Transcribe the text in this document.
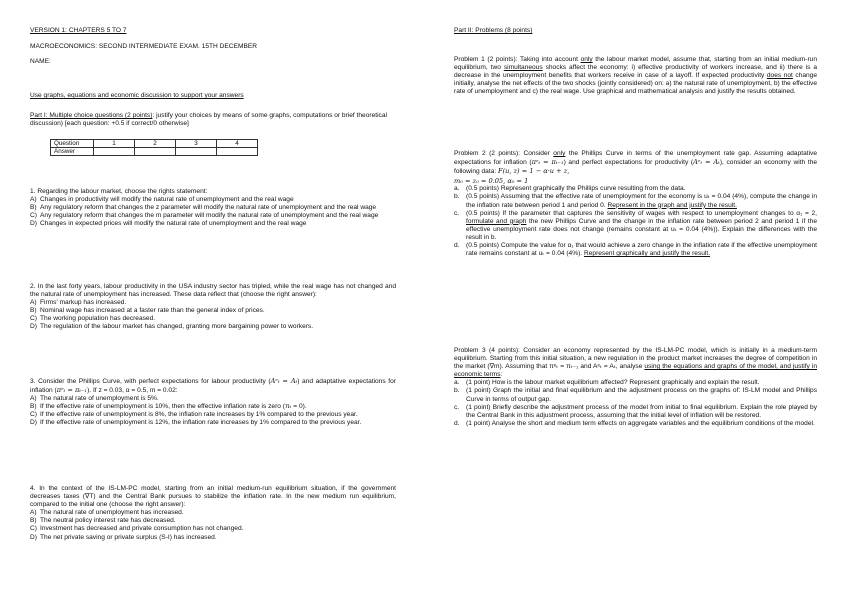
VERSION 1: CHAPTERS 5 TO 7

MACROECONOMICS: SECOND INTERMEDIATE EXAM. 15TH DECEMBER

NAME:

Use graphs, equations and economic discussion to support your answers

Part I: Multiple choice questions (2 points): justify your choices by means of some graphs, computations or brief theoretical discussion) [each question: +0.5 if correct/0 otherwise]

Question	1	2	3	4
Answer				

1. Regarding the labour market, choose the rights statement:

A) Changes in productivity will modify the natural rate of unemployment and the real wage
B) Any regulatory reform that changes the z parameter will modify the natural rate of unemployment and the real wage
C) Any regulatory reform that changes the m parameter will modify the natural rate of unemployment and the real wage
D) Changes in expected prices will modify the natural rate of unemployment and the real wage

2. In the last forty years, labour productivity in the USA industry sector has tripled, while the real wage has not changed and the natural rate of unemployment has increased. These data reflect that (choose the right answer):

A) Firms' markup has increased.
B) Nominal wage has increased at a faster rate than the general index of prices.
C) The working population has decreased.
D) The regulation of the labour market has changed, granting more bargaining power to workers.

3. Consider the Phillips Curve, with perfect expectations for labour productivity (Aᵉₜ = Aₜ) and adaptative expectations for inflation (πᵉₜ = πₜ₋₁). If z = 0.03, α = 0.5, m = 0.02:

A) The natural rate of unemployment is 5%.
B) If the effective rate of unemployment is 10%, then the effective inflation rate is zero (πₜ = 0).
C) If the effective rate of unemployment is 8%, the inflation rate increases by 1% compared to the previous year.
D) If the effective rate of unemployment is 12%, the inflation rate increases by 1% compared to the previous year.

4. In the context of the IS-LM-PC model, starting from an initial medium-run equilibrium situation, if the government decreases taxes (∇T) and the Central Bank pursues to stabilize the inflation rate. In the new medium run equilibrium, compared to the initial one (choose the right answer):

A) The natural rate of unemployment has increased.
B) The neutral policy interest rate has decreased.
C) Investment has decreased and private consumption has not changed.
D) The net private saving or private surplus (S-I) has increased.

Part II: Problems (8 points)

Problem 1 (2 points): Taking into account only the labour market model, assume that, starting from an initial medium-run equilibrium, two simultaneous shocks affect the economy: i) effective productivity of workers increase, and ii) there is a decrease in the unemployment benefits that workers receive in case of a layoff. If expected productivity does not change initially, analyse the net effects of the two shocks (jointly considered) on: a) the natural rate of unemployment, b) the effective rate of unemployment and c) the real wage. Use graphical and mathematical analysis and justify the results obtained.

Problem 2 (2 points): Consider only the Phillips Curve in terms of the unemployment rate gap. Assuming adaptative expectations for inflation (πᵉₜ = πₜ₋₁) and perfect expectations for productivity (Aᵉₜ = Aₜ), consider an economy with the following data: F(u, z) = 1 − α·u + z,

m₀ = z₀ = 0.05, α₀ = 1

a. (0.5 points) Represent graphically the Phillips curve resulting from the data.
b. (0.5 points) Assuming that the effective rate of unemployment for the economy is uₜ = 0.04 (4%), compute the change in the inflation rate between period 1 and period 0. Represent in the graph and justify the result.
c. (0.5 points) If the parameter that captures the sensitivity of wages with respect to unemployment changes to α₁ = 2, formulate and graph the new Phillips Curve and the change in the inflation rate between period 2 and period 1 if the effective unemployment rate does not change (remains constant at uₜ = 0.04 (4%)). Explain the differences with the result in b.
d. (0.5 points) Compute the value for α₁ that would achieve a zero change in the inflation rate if the effective unemployment rate remains constant at uₜ = 0.04 (4%). Represent graphically and justify the result.

Problem 3 (4 points): Consider an economy represented by the IS-LM-PC model, which is initially in a medium-term equilibrium. Starting from this initial situation, a new regulation in the product market increases the degree of competition in the market (∇m). Assuming that πᵉₜ = πₜ₋₁ and Aᵉₜ = Aₜ, analyse using the equations and graphs of the model, and justify in economic terms:

a. (1 point) How is the labour market equilibrium affected? Represent graphically and explain the result.
b. (1 point) Graph the initial and final equilibrium and the adjustment process on the graphs of: IS-LM model and Phillips Curve in terms of output gap.
c. (1 point) Briefly describe the adjustment process of the model from initial to final equilibrium. Explain the role played by the Central Bank in this adjustment process, assuming that the initial level of inflation will be restored.
d. (1 point) Analyse the short and medium term effects on aggregate variables and the equilibrium conditions of the model.
